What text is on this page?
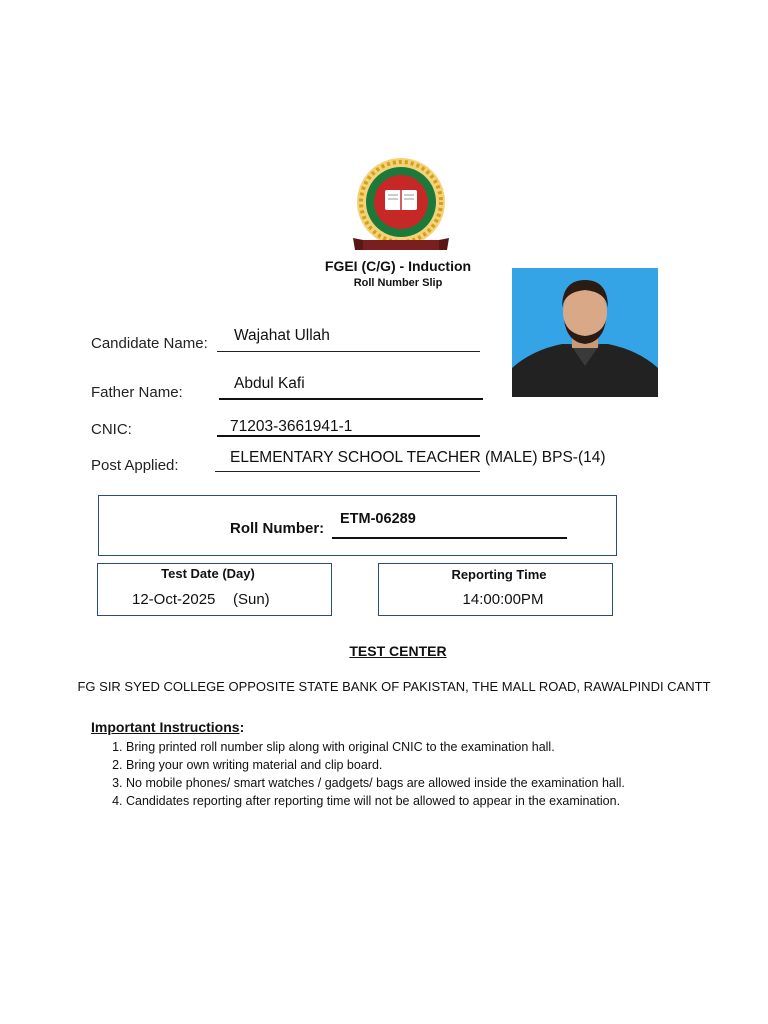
FGEI (C/G) - Induction
Roll Number Slip
Candidate Name: Wajahat Ullah
Father Name:
Abdul Kafi
CNIC:	71203-3661941-1
Post Applied:	ELEMENTARY SCHOOL TEACHER (MALE) BPS-(14)
Roll Number:
ETM-06289
Test Date (Day)
12-Oct-2025 (Sun)
Reporting Time
14:00:00PM
TEST CENTER
FG SIR SYED COLLEGE OPPOSITE STATE BANK OF PAKISTAN, THE MALL ROAD, RAWALPINDI CANTT
Important Instructions:
1. Bring printed roll number slip along with original CNIC to the examination hall.
2. Bring your own writing material and clip board.
3. No mobile phones/ smart watches / gadgets/ bags are allowed inside the examination hall.
4. Candidates reporting after reporting time will not be allowed to appear in the examination.
